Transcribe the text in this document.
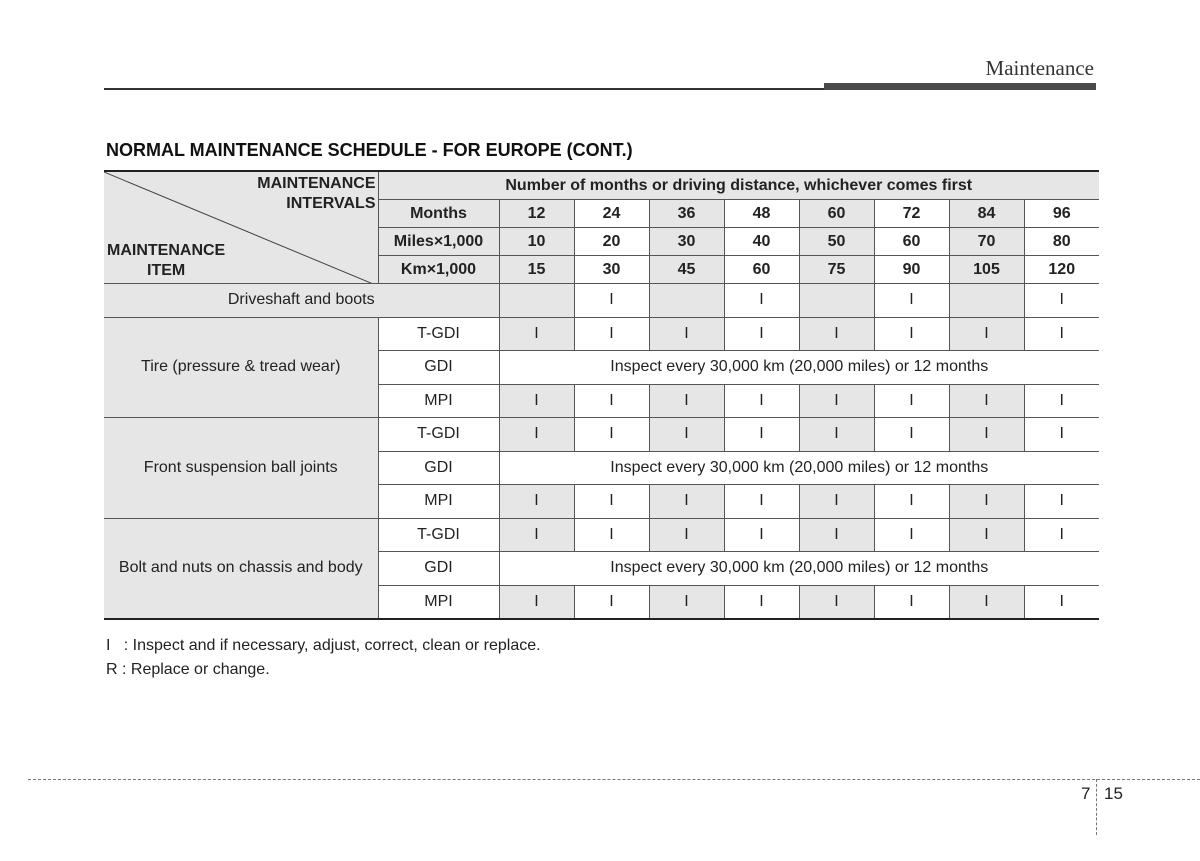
Maintenance
NORMAL MAINTENANCE SCHEDULE - FOR EUROPE (CONT.)
MAINTENANCE
INTERVALS
MAINTENANCE
ITEM	Number of months or driving distance, whichever comes first								
	Months	12	24	36	48	60	72	84	96
	Miles×1,000	10	20	30	40	50	60	70	80
	Km×1,000	15	30	45	60	75	90	105	120
Driveshaft and boots			I		I		I		I
Tire (pressure & tread wear)	T-GDI	I	I	I	I	I	I	I	I
	GDI	Inspect every 30,000 km (20,000 miles) or 12 months							
	MPI	I	I	I	I	I	I	I	I
Front suspension ball joints	T-GDI	I	I	I	I	I	I	I	I
	GDI	Inspect every 30,000 km (20,000 miles) or 12 months							
	MPI	I	I	I	I	I	I	I	I
Bolt and nuts on chassis and body	T-GDI	I	I	I	I	I	I	I	I
	GDI	Inspect every 30,000 km (20,000 miles) or 12 months							
	MPI	I	I	I	I	I	I	I	I
I   : Inspect and if necessary, adjust, correct, clean or replace.
R : Replace or change.
7 15
